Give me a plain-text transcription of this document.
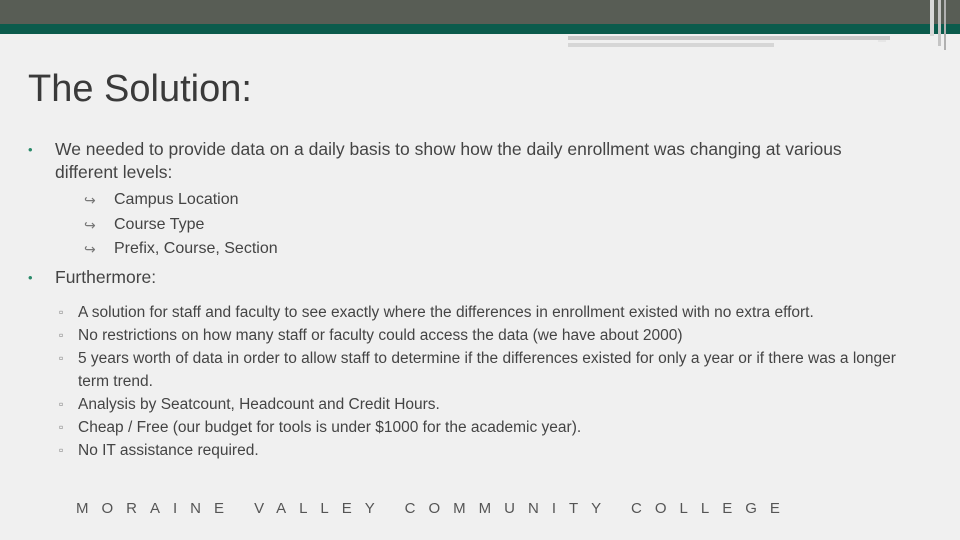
The Solution:
• We needed to provide data on a daily basis to show how the daily enrollment was changing at various different levels:
↪ Campus Location
↪ Course Type
↪ Prefix, Course, Section
• Furthermore:
▫ A solution for staff and faculty to see exactly where the differences in enrollment existed with no extra effort.
▫ No restrictions on how many staff or faculty could access the data (we have about 2000)
▫ 5 years worth of data in order to allow staff to determine if the differences existed for only a year or if there was a longer term trend.
▫ Analysis by Seatcount, Headcount and Credit Hours.
▫ Cheap / Free (our budget for tools is under $1000 for the academic year).
▫ No IT assistance required.
MORAINE VALLEY COMMUNITY COLLEGE
